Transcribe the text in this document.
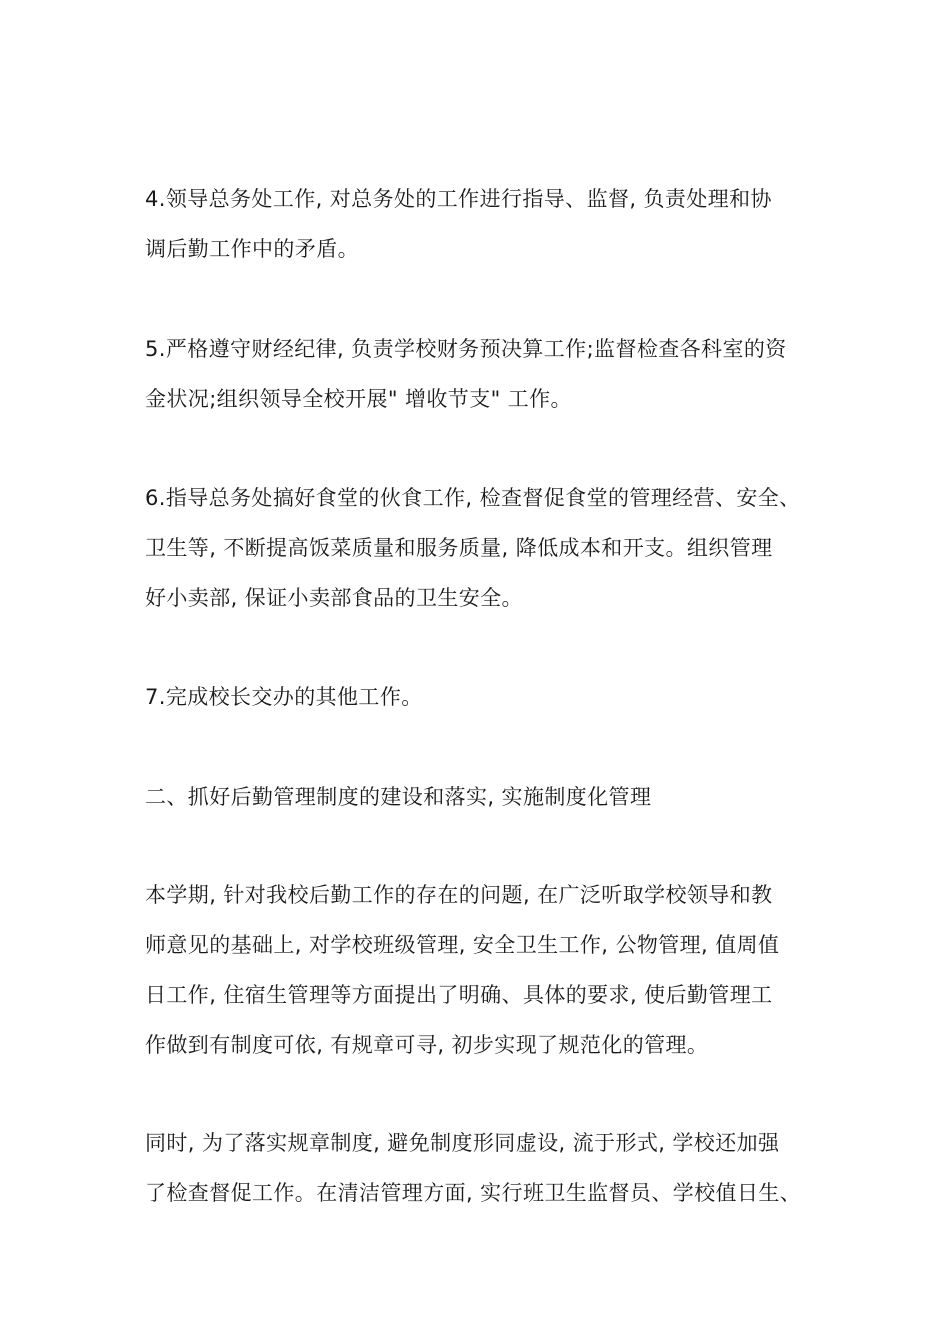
4.领导总务处工作, 对总务处的工作进行指导、监督, 负责处理和协
调后勤工作中的矛盾。
5.严格遵守财经纪律, 负责学校财务预决算工作;监督检查各科室的资
金状况;组织领导全校开展" 增收节支" 工作。
6.指导总务处搞好食堂的伙食工作, 检查督促食堂的管理经营、安全、
卫生等, 不断提高饭菜质量和服务质量, 降低成本和开支。组织管理
好小卖部, 保证小卖部食品的卫生安全。
7.完成校长交办的其他工作。
二、抓好后勤管理制度的建设和落实, 实施制度化管理
本学期, 针对我校后勤工作的存在的问题, 在广泛听取学校领导和教
师意见的基础上, 对学校班级管理, 安全卫生工作, 公物管理, 值周值
日工作, 住宿生管理等方面提出了明确、具体的要求, 使后勤管理工
作做到有制度可依, 有规章可寻, 初步实现了规范化的管理。
同时, 为了落实规章制度, 避免制度形同虚设, 流于形式, 学校还加强
了检查督促工作。在清洁管理方面, 实行班卫生监督员、学校值日生、
